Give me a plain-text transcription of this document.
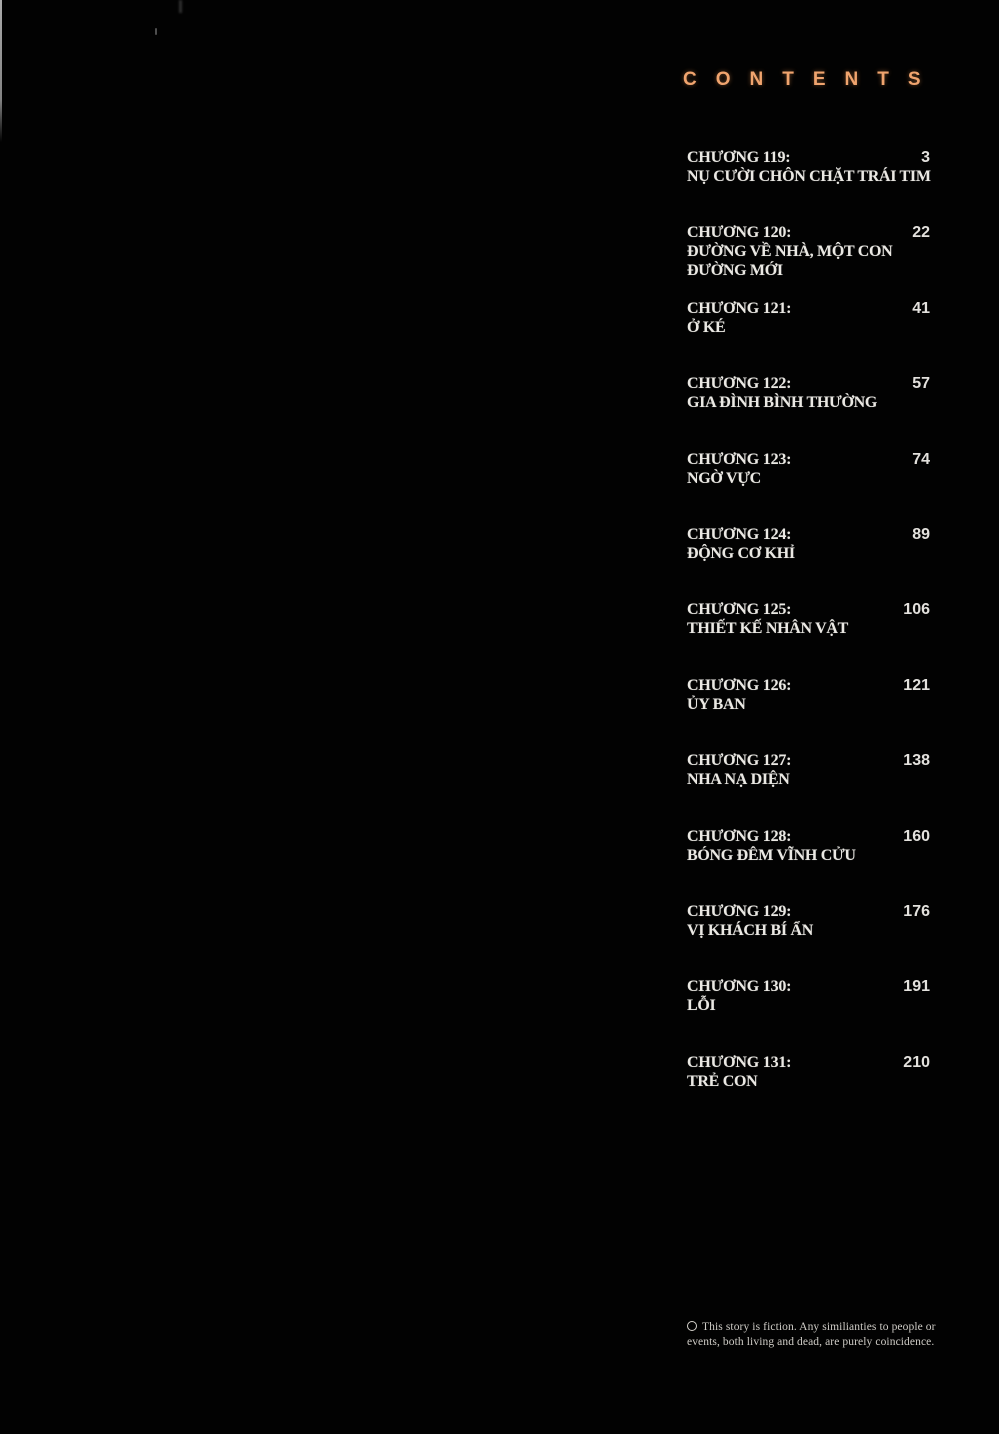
CONTENTS
CHƯƠNG 119:	3
NỤ CƯỜI CHÔN CHẶT TRÁI TIM
CHƯƠNG 120:	22
ĐƯỜNG VỀ NHÀ, MỘT CON ĐƯỜNG MỚI
CHƯƠNG 121:	41
Ở KÉ
CHƯƠNG 122:	57
GIA ĐÌNH BÌNH THƯỜNG
CHƯƠNG 123:	74
NGỜ VỰC
CHƯƠNG 124:	89
ĐỘNG CƠ KHỈ
CHƯƠNG 125:	106
THIẾT KẾ NHÂN VẬT
CHƯƠNG 126:	121
ỦY BAN
CHƯƠNG 127:	138
NHA NẠ DIỆN
CHƯƠNG 128:	160
BÓNG ĐÊM VĨNH CỬU
CHƯƠNG 129:	176
VỊ KHÁCH BÍ ẨN
CHƯƠNG 130:	191
LỖI
CHƯƠNG 131:	210
TRẺ CON
This story is fiction. Any similianties to people or
events, both living and dead, are purely coincidence.
